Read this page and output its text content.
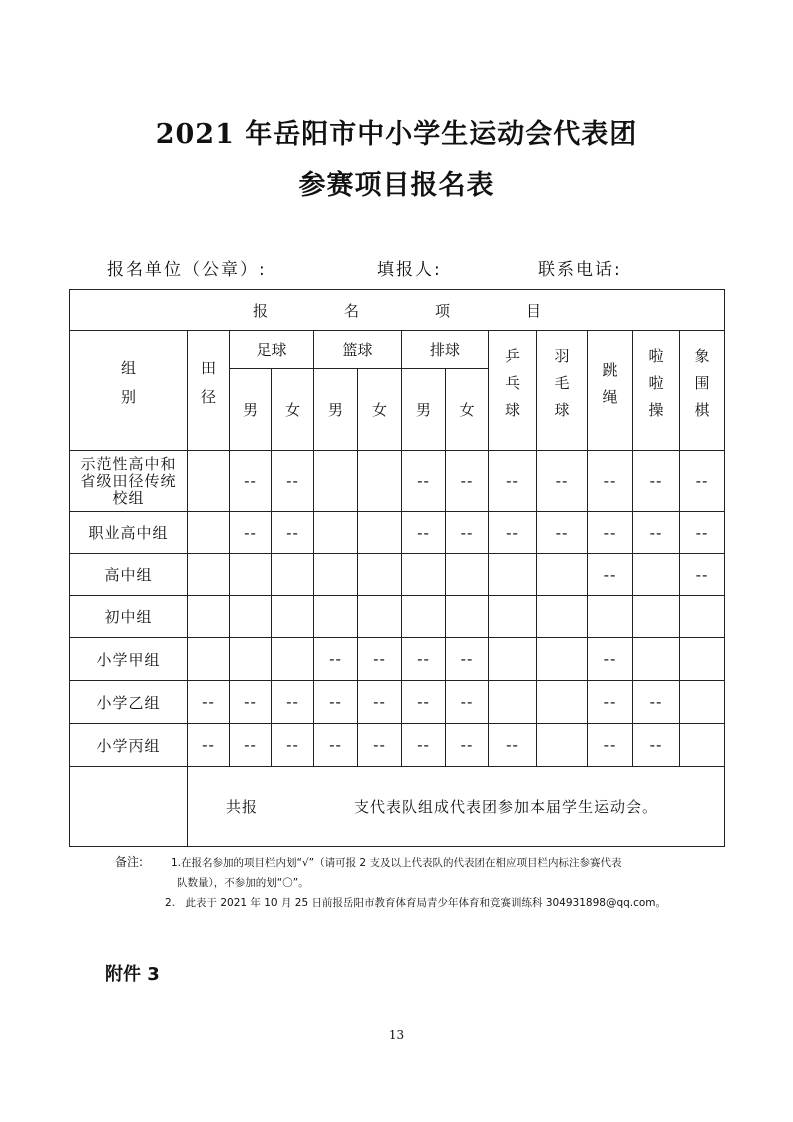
2021 年岳阳市中小学生运动会代表团
参赛项目报名表
报名单位（公章）:	填报人:	联系电话:
报 名 项 目												
组别	田径	足球		篮球		排球		乒乓球	羽毛球	跳绳	啦啦操	象围棋
		男	女	男	女	男	女					
示范性高中和省级田径传统校组		--	--			--	--	--	--	--	--	--
职业高中组		--	--			--	--	--	--	--	--	--
高中组										--		--
初中组												
小学甲组				--	--	--	--			--		
小学乙组	--	--	--	--	--	--	--			--	--	
小学丙组	--	--	--	--	--	--	--	--		--	--	
	共报 支代表队组成代表团参加本届学生运动会。											
备注:	1.在报名参加的项目栏内划“√”（请可报 2 支及以上代表队的代表团在相应项目栏内标注参赛代表
队数量），不参加的划“〇”。
2.　此表于 2021 年 10 月 25 日前报岳阳市教育体育局青少年体育和竞赛训练科 304931898@qq.com。
附件 3
13
